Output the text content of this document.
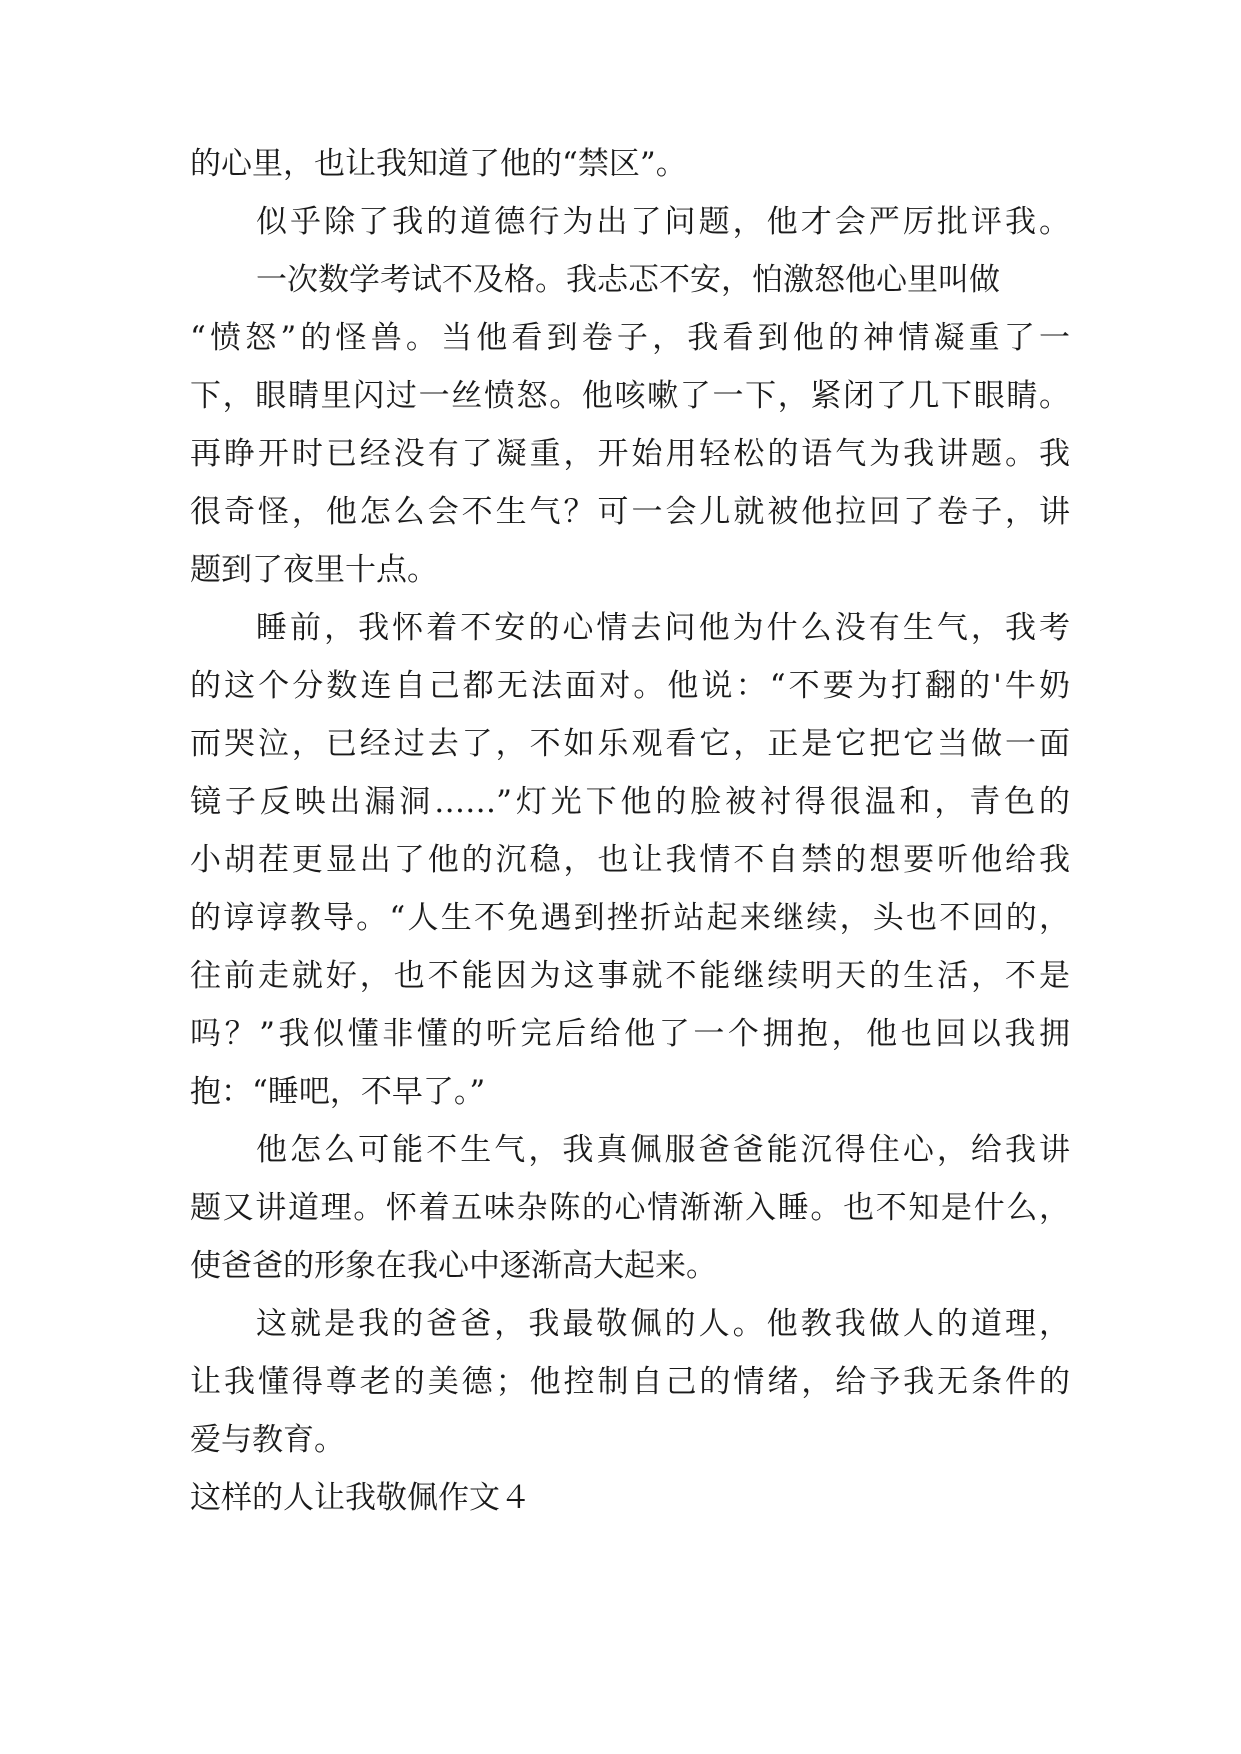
的心里，也让我知道了他的“禁区”。
似乎除了我的道德行为出了问题，他才会严厉批评我。
一次数学考试不及格。我忐忑不安，怕激怒他心里叫做
“愤怒”的怪兽。当他看到卷子，我看到他的神情凝重了一
下，眼睛里闪过一丝愤怒。他咳嗽了一下，紧闭了几下眼睛。
再睁开时已经没有了凝重，开始用轻松的语气为我讲题。我
很奇怪，他怎么会不生气？可一会儿就被他拉回了卷子，讲
题到了夜里十点。
睡前，我怀着不安的心情去问他为什么没有生气，我考
的这个分数连自己都无法面对。他说：“不要为打翻的'牛奶
而哭泣，已经过去了，不如乐观看它，正是它把它当做一面
镜子反映出漏洞……”灯光下他的脸被衬得很温和，青色的
小胡茬更显出了他的沉稳，也让我情不自禁的想要听他给我
的谆谆教导。“人生不免遇到挫折站起来继续，头也不回的，
往前走就好，也不能因为这事就不能继续明天的生活，不是
吗？”我似懂非懂的听完后给他了一个拥抱，他也回以我拥
抱：“睡吧，不早了。”
他怎么可能不生气，我真佩服爸爸能沉得住心，给我讲
题又讲道理。怀着五味杂陈的心情渐渐入睡。也不知是什么，
使爸爸的形象在我心中逐渐高大起来。
这就是我的爸爸，我最敬佩的人。他教我做人的道理，
让我懂得尊老的美德；他控制自己的情绪，给予我无条件的
爱与教育。
这样的人让我敬佩作文４
